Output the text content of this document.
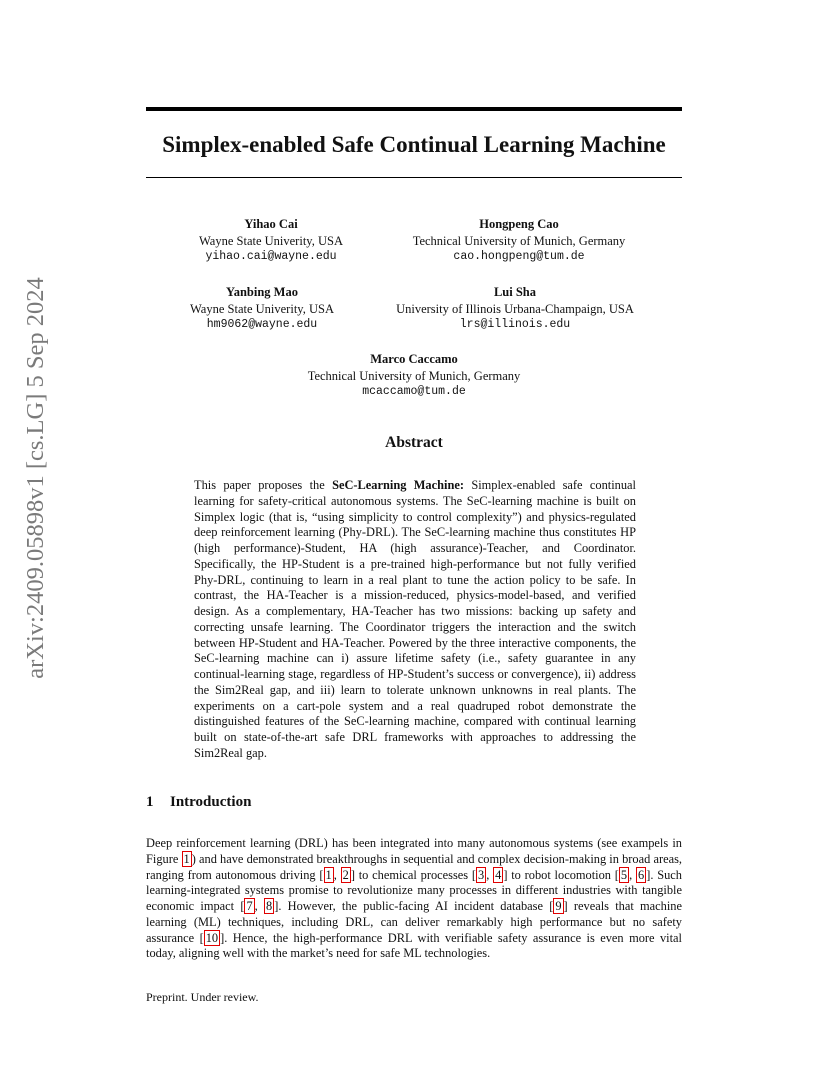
arXiv:2409.05898v1 [cs.LG] 5 Sep 2024
Simplex-enabled Safe Continual Learning Machine
Yihao Cai
Wayne State Univerity, USA
yihao.cai@wayne.edu
Hongpeng Cao
Technical University of Munich, Germany
cao.hongpeng@tum.de
Yanbing Mao
Wayne State Univerity, USA
hm9062@wayne.edu
Lui Sha
University of Illinois Urbana-Champaign, USA
lrs@illinois.edu
Marco Caccamo
Technical University of Munich, Germany
mcaccamo@tum.de
Abstract
This paper proposes the SeC-Learning Machine: Simplex-enabled safe continual learning for safety-critical autonomous systems. The SeC-learning machine is built on Simplex logic (that is, “using simplicity to control complexity”) and physics-regulated deep reinforcement learning (Phy-DRL). The SeC-learning machine thus constitutes HP (high performance)-Student, HA (high assurance)-Teacher, and Coordinator. Specifically, the HP-Student is a pre-trained high-performance but not fully verified Phy-DRL, continuing to learn in a real plant to tune the action policy to be safe. In contrast, the HA-Teacher is a mission-reduced, physics-model-based, and verified design. As a complementary, HA-Teacher has two missions: backing up safety and correcting unsafe learning. The Coordinator triggers the interaction and the switch between HP-Student and HA-Teacher. Powered by the three interactive components, the SeC-learning machine can i) assure lifetime safety (i.e., safety guarantee in any continual-learning stage, regardless of HP-Student’s success or convergence), ii) address the Sim2Real gap, and iii) learn to tolerate unknown unknowns in real plants. The experiments on a cart-pole system and a real quadruped robot demonstrate the distinguished features of the SeC-learning machine, compared with continual learning built on state-of-the-art safe DRL frameworks with approaches to addressing the Sim2Real gap.
1 Introduction
Deep reinforcement learning (DRL) has been integrated into many autonomous systems (see exampels in Figure 1 ) and have demonstrated breakthroughs in sequential and complex decision-making in broad areas, ranging from autonomous driving [ 1 , 2 ] to chemical processes [ 3 , 4 ] to robot locomotion [ 5 , 6 ]. Such learning-integrated systems promise to revolutionize many processes in different industries with tangible economic impact [ 7 , 8 ]. However, the public-facing AI incident database [ 9 ] reveals that machine learning (ML) techniques, including DRL, can deliver remarkably high performance but no safety assurance [ 10 ]. Hence, the high-performance DRL with verifiable safety assurance is even more vital today, aligning well with the market’s need for safe ML technologies.
Preprint. Under review.
